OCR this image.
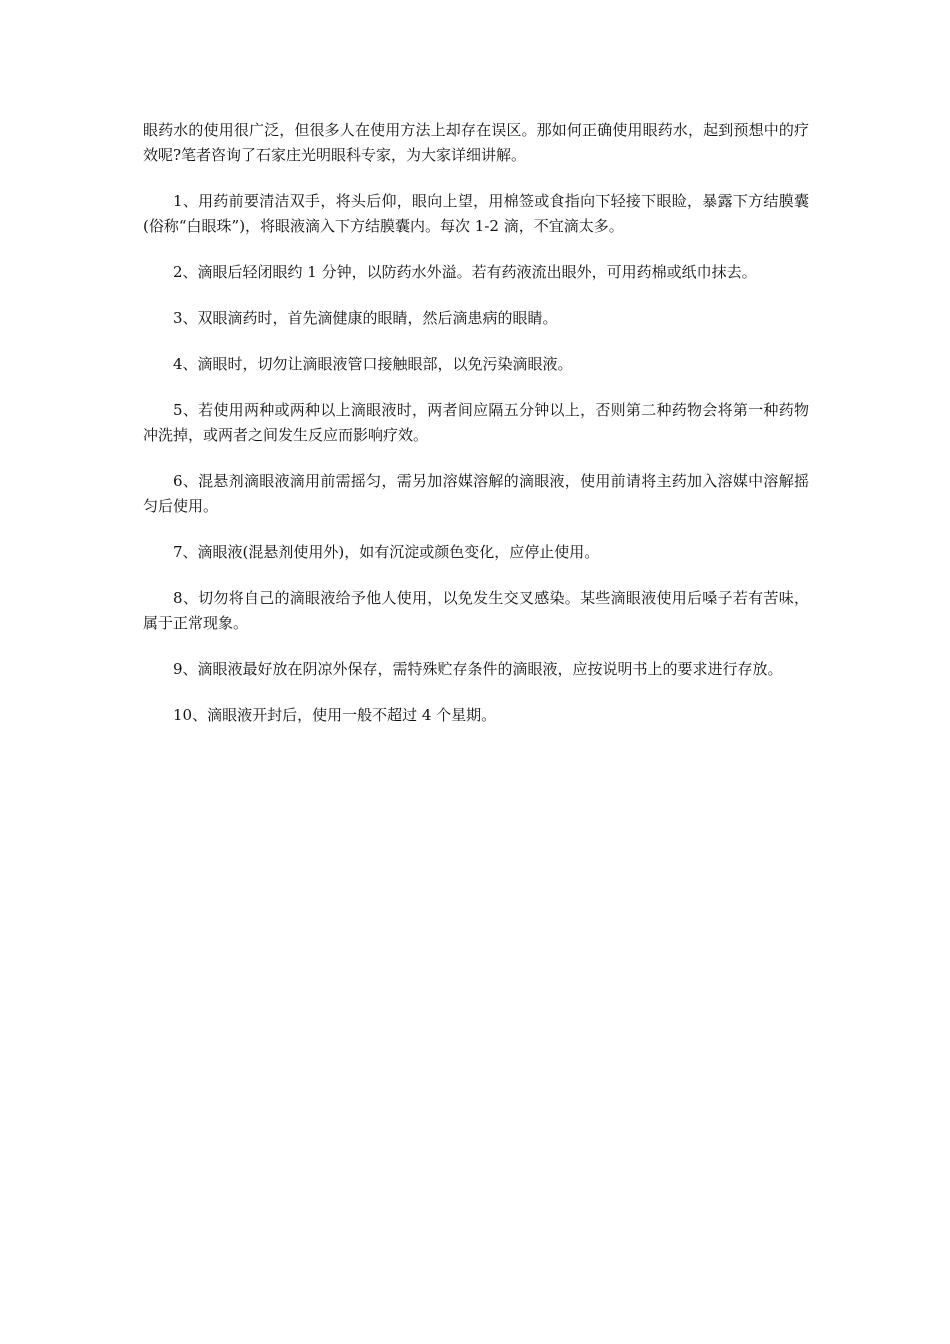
眼药水的使用很广泛，但很多人在使用方法上却存在误区。那如何正确使用眼药水，起到预想中的疗效呢?笔者咨询了石家庄光明眼科专家，为大家详细讲解。

1、用药前要清洁双手，将头后仰，眼向上望，用棉签或食指向下轻接下眼睑，暴露下方结膜囊(俗称“白眼珠”)，将眼液滴入下方结膜囊内。每次 1-2 滴，不宜滴太多。

2、滴眼后轻闭眼约 1 分钟，以防药水外溢。若有药液流出眼外，可用药棉或纸巾抹去。

3、双眼滴药时，首先滴健康的眼睛，然后滴患病的眼睛。

4、滴眼时，切勿让滴眼液管口接触眼部，以免污染滴眼液。

5、若使用两种或两种以上滴眼液时，两者间应隔五分钟以上，否则第二种药物会将第一种药物冲洗掉，或两者之间发生反应而影响疗效。

6、混悬剂滴眼液滴用前需摇匀，需另加溶媒溶解的滴眼液，使用前请将主药加入溶媒中溶解摇匀后使用。

7、滴眼液(混悬剂使用外)，如有沉淀或颜色变化，应停止使用。

8、切勿将自己的滴眼液给予他人使用，以免发生交叉感染。某些滴眼液使用后嗓子若有苦味，属于正常现象。

9、滴眼液最好放在阴凉外保存，需特殊贮存条件的滴眼液，应按说明书上的要求进行存放。

10、滴眼液开封后，使用一般不超过 4 个星期。
